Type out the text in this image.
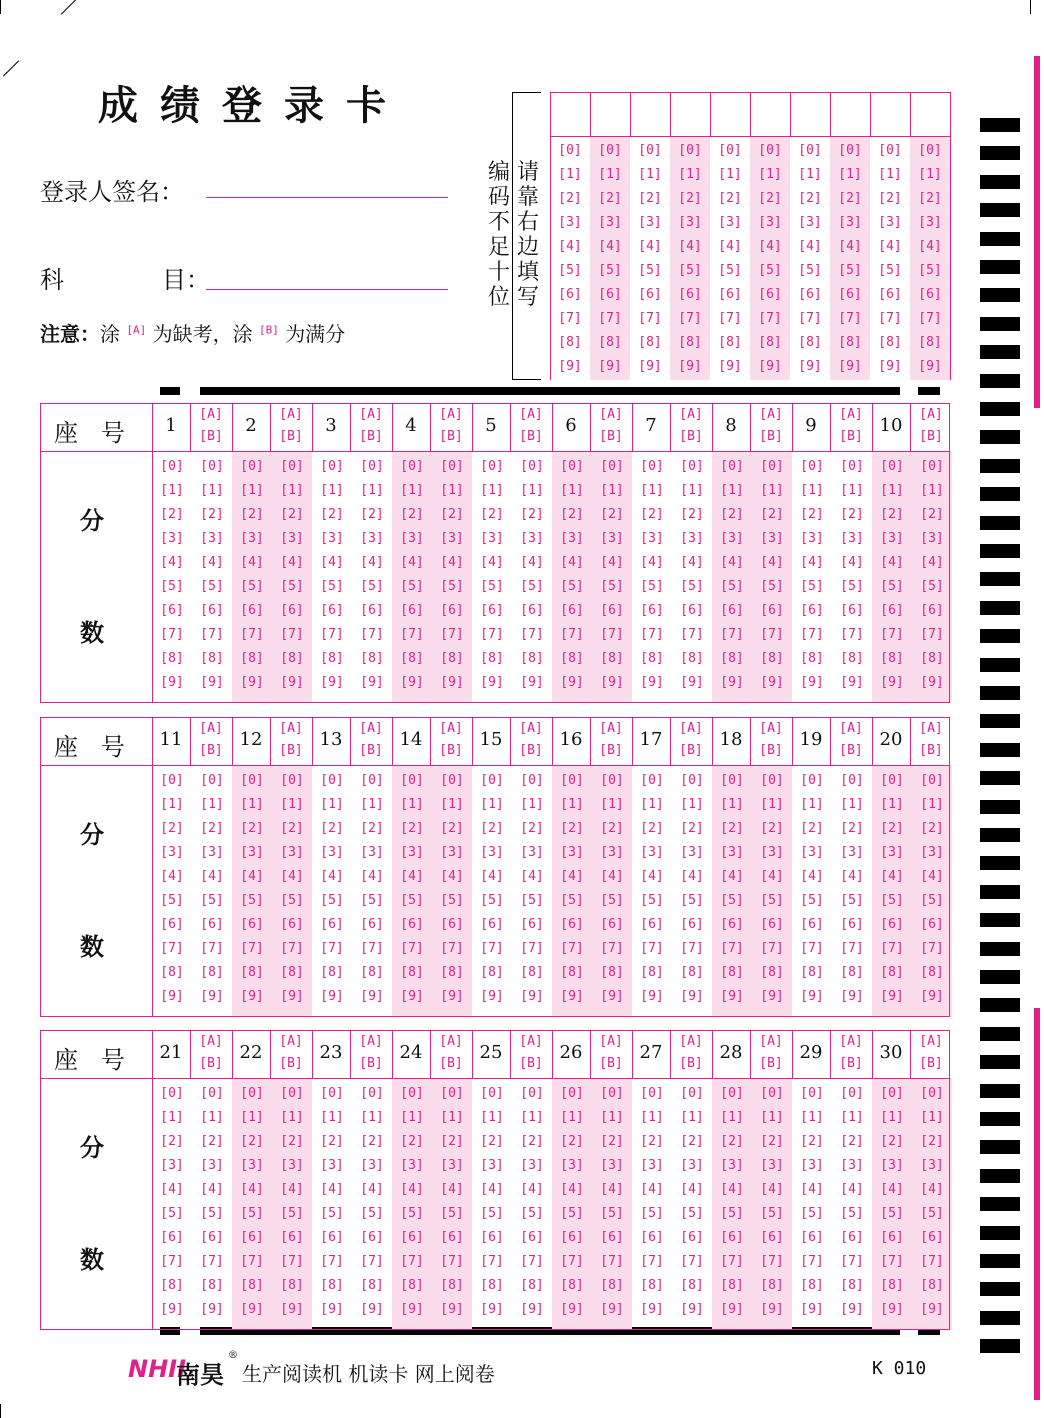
成绩登录卡
登录人签名：
科	目：
注意：涂 [A] 为缺考，涂 [B] 为满分
请
靠
右
边
填
写
编
码
不
足
十
位
[0]
[1]
[2]
[3]
[4]
[5]
[6]
[7]
[8]
[9]
[0]
[1]
[2]
[3]
[4]
[5]
[6]
[7]
[8]
[9]
[0]
[1]
[2]
[3]
[4]
[5]
[6]
[7]
[8]
[9]
[0]
[1]
[2]
[3]
[4]
[5]
[6]
[7]
[8]
[9]
[0]
[1]
[2]
[3]
[4]
[5]
[6]
[7]
[8]
[9]
[0]
[1]
[2]
[3]
[4]
[5]
[6]
[7]
[8]
[9]
[0]
[1]
[2]
[3]
[4]
[5]
[6]
[7]
[8]
[9]
[0]
[1]
[2]
[3]
[4]
[5]
[6]
[7]
[8]
[9]
[0]
[1]
[2]
[3]
[4]
[5]
[6]
[7]
[8]
[9]
[0]
[1]
[2]
[3]
[4]
[5]
[6]
[7]
[8]
[9]
座   号
分
数
1
[A]
[B]
[0]
[1]
[2]
[3]
[4]
[5]
[6]
[7]
[8]
[9]
[0]
[1]
[2]
[3]
[4]
[5]
[6]
[7]
[8]
[9]
2
[A]
[B]
[0]
[1]
[2]
[3]
[4]
[5]
[6]
[7]
[8]
[9]
[0]
[1]
[2]
[3]
[4]
[5]
[6]
[7]
[8]
[9]
3
[A]
[B]
[0]
[1]
[2]
[3]
[4]
[5]
[6]
[7]
[8]
[9]
[0]
[1]
[2]
[3]
[4]
[5]
[6]
[7]
[8]
[9]
4
[A]
[B]
[0]
[1]
[2]
[3]
[4]
[5]
[6]
[7]
[8]
[9]
[0]
[1]
[2]
[3]
[4]
[5]
[6]
[7]
[8]
[9]
5
[A]
[B]
[0]
[1]
[2]
[3]
[4]
[5]
[6]
[7]
[8]
[9]
[0]
[1]
[2]
[3]
[4]
[5]
[6]
[7]
[8]
[9]
6
[A]
[B]
[0]
[1]
[2]
[3]
[4]
[5]
[6]
[7]
[8]
[9]
[0]
[1]
[2]
[3]
[4]
[5]
[6]
[7]
[8]
[9]
7
[A]
[B]
[0]
[1]
[2]
[3]
[4]
[5]
[6]
[7]
[8]
[9]
[0]
[1]
[2]
[3]
[4]
[5]
[6]
[7]
[8]
[9]
8
[A]
[B]
[0]
[1]
[2]
[3]
[4]
[5]
[6]
[7]
[8]
[9]
[0]
[1]
[2]
[3]
[4]
[5]
[6]
[7]
[8]
[9]
9
[A]
[B]
[0]
[1]
[2]
[3]
[4]
[5]
[6]
[7]
[8]
[9]
[0]
[1]
[2]
[3]
[4]
[5]
[6]
[7]
[8]
[9]
10
[A]
[B]
[0]
[1]
[2]
[3]
[4]
[5]
[6]
[7]
[8]
[9]
[0]
[1]
[2]
[3]
[4]
[5]
[6]
[7]
[8]
[9]
座   号
分
数
11
[A]
[B]
[0]
[1]
[2]
[3]
[4]
[5]
[6]
[7]
[8]
[9]
[0]
[1]
[2]
[3]
[4]
[5]
[6]
[7]
[8]
[9]
12
[A]
[B]
[0]
[1]
[2]
[3]
[4]
[5]
[6]
[7]
[8]
[9]
[0]
[1]
[2]
[3]
[4]
[5]
[6]
[7]
[8]
[9]
13
[A]
[B]
[0]
[1]
[2]
[3]
[4]
[5]
[6]
[7]
[8]
[9]
[0]
[1]
[2]
[3]
[4]
[5]
[6]
[7]
[8]
[9]
14
[A]
[B]
[0]
[1]
[2]
[3]
[4]
[5]
[6]
[7]
[8]
[9]
[0]
[1]
[2]
[3]
[4]
[5]
[6]
[7]
[8]
[9]
15
[A]
[B]
[0]
[1]
[2]
[3]
[4]
[5]
[6]
[7]
[8]
[9]
[0]
[1]
[2]
[3]
[4]
[5]
[6]
[7]
[8]
[9]
16
[A]
[B]
[0]
[1]
[2]
[3]
[4]
[5]
[6]
[7]
[8]
[9]
[0]
[1]
[2]
[3]
[4]
[5]
[6]
[7]
[8]
[9]
17
[A]
[B]
[0]
[1]
[2]
[3]
[4]
[5]
[6]
[7]
[8]
[9]
[0]
[1]
[2]
[3]
[4]
[5]
[6]
[7]
[8]
[9]
18
[A]
[B]
[0]
[1]
[2]
[3]
[4]
[5]
[6]
[7]
[8]
[9]
[0]
[1]
[2]
[3]
[4]
[5]
[6]
[7]
[8]
[9]
19
[A]
[B]
[0]
[1]
[2]
[3]
[4]
[5]
[6]
[7]
[8]
[9]
[0]
[1]
[2]
[3]
[4]
[5]
[6]
[7]
[8]
[9]
20
[A]
[B]
[0]
[1]
[2]
[3]
[4]
[5]
[6]
[7]
[8]
[9]
[0]
[1]
[2]
[3]
[4]
[5]
[6]
[7]
[8]
[9]
座   号
分
数
21
[A]
[B]
[0]
[1]
[2]
[3]
[4]
[5]
[6]
[7]
[8]
[9]
[0]
[1]
[2]
[3]
[4]
[5]
[6]
[7]
[8]
[9]
22
[A]
[B]
[0]
[1]
[2]
[3]
[4]
[5]
[6]
[7]
[8]
[9]
[0]
[1]
[2]
[3]
[4]
[5]
[6]
[7]
[8]
[9]
23
[A]
[B]
[0]
[1]
[2]
[3]
[4]
[5]
[6]
[7]
[8]
[9]
[0]
[1]
[2]
[3]
[4]
[5]
[6]
[7]
[8]
[9]
24
[A]
[B]
[0]
[1]
[2]
[3]
[4]
[5]
[6]
[7]
[8]
[9]
[0]
[1]
[2]
[3]
[4]
[5]
[6]
[7]
[8]
[9]
25
[A]
[B]
[0]
[1]
[2]
[3]
[4]
[5]
[6]
[7]
[8]
[9]
[0]
[1]
[2]
[3]
[4]
[5]
[6]
[7]
[8]
[9]
26
[A]
[B]
[0]
[1]
[2]
[3]
[4]
[5]
[6]
[7]
[8]
[9]
[0]
[1]
[2]
[3]
[4]
[5]
[6]
[7]
[8]
[9]
27
[A]
[B]
[0]
[1]
[2]
[3]
[4]
[5]
[6]
[7]
[8]
[9]
[0]
[1]
[2]
[3]
[4]
[5]
[6]
[7]
[8]
[9]
28
[A]
[B]
[0]
[1]
[2]
[3]
[4]
[5]
[6]
[7]
[8]
[9]
[0]
[1]
[2]
[3]
[4]
[5]
[6]
[7]
[8]
[9]
29
[A]
[B]
[0]
[1]
[2]
[3]
[4]
[5]
[6]
[7]
[8]
[9]
[0]
[1]
[2]
[3]
[4]
[5]
[6]
[7]
[8]
[9]
30
[A]
[B]
[0]
[1]
[2]
[3]
[4]
[5]
[6]
[7]
[8]
[9]
[0]
[1]
[2]
[3]
[4]
[5]
[6]
[7]
[8]
[9]
NHII
南昊
®
生产阅读机 机读卡 网上阅卷	K 010
